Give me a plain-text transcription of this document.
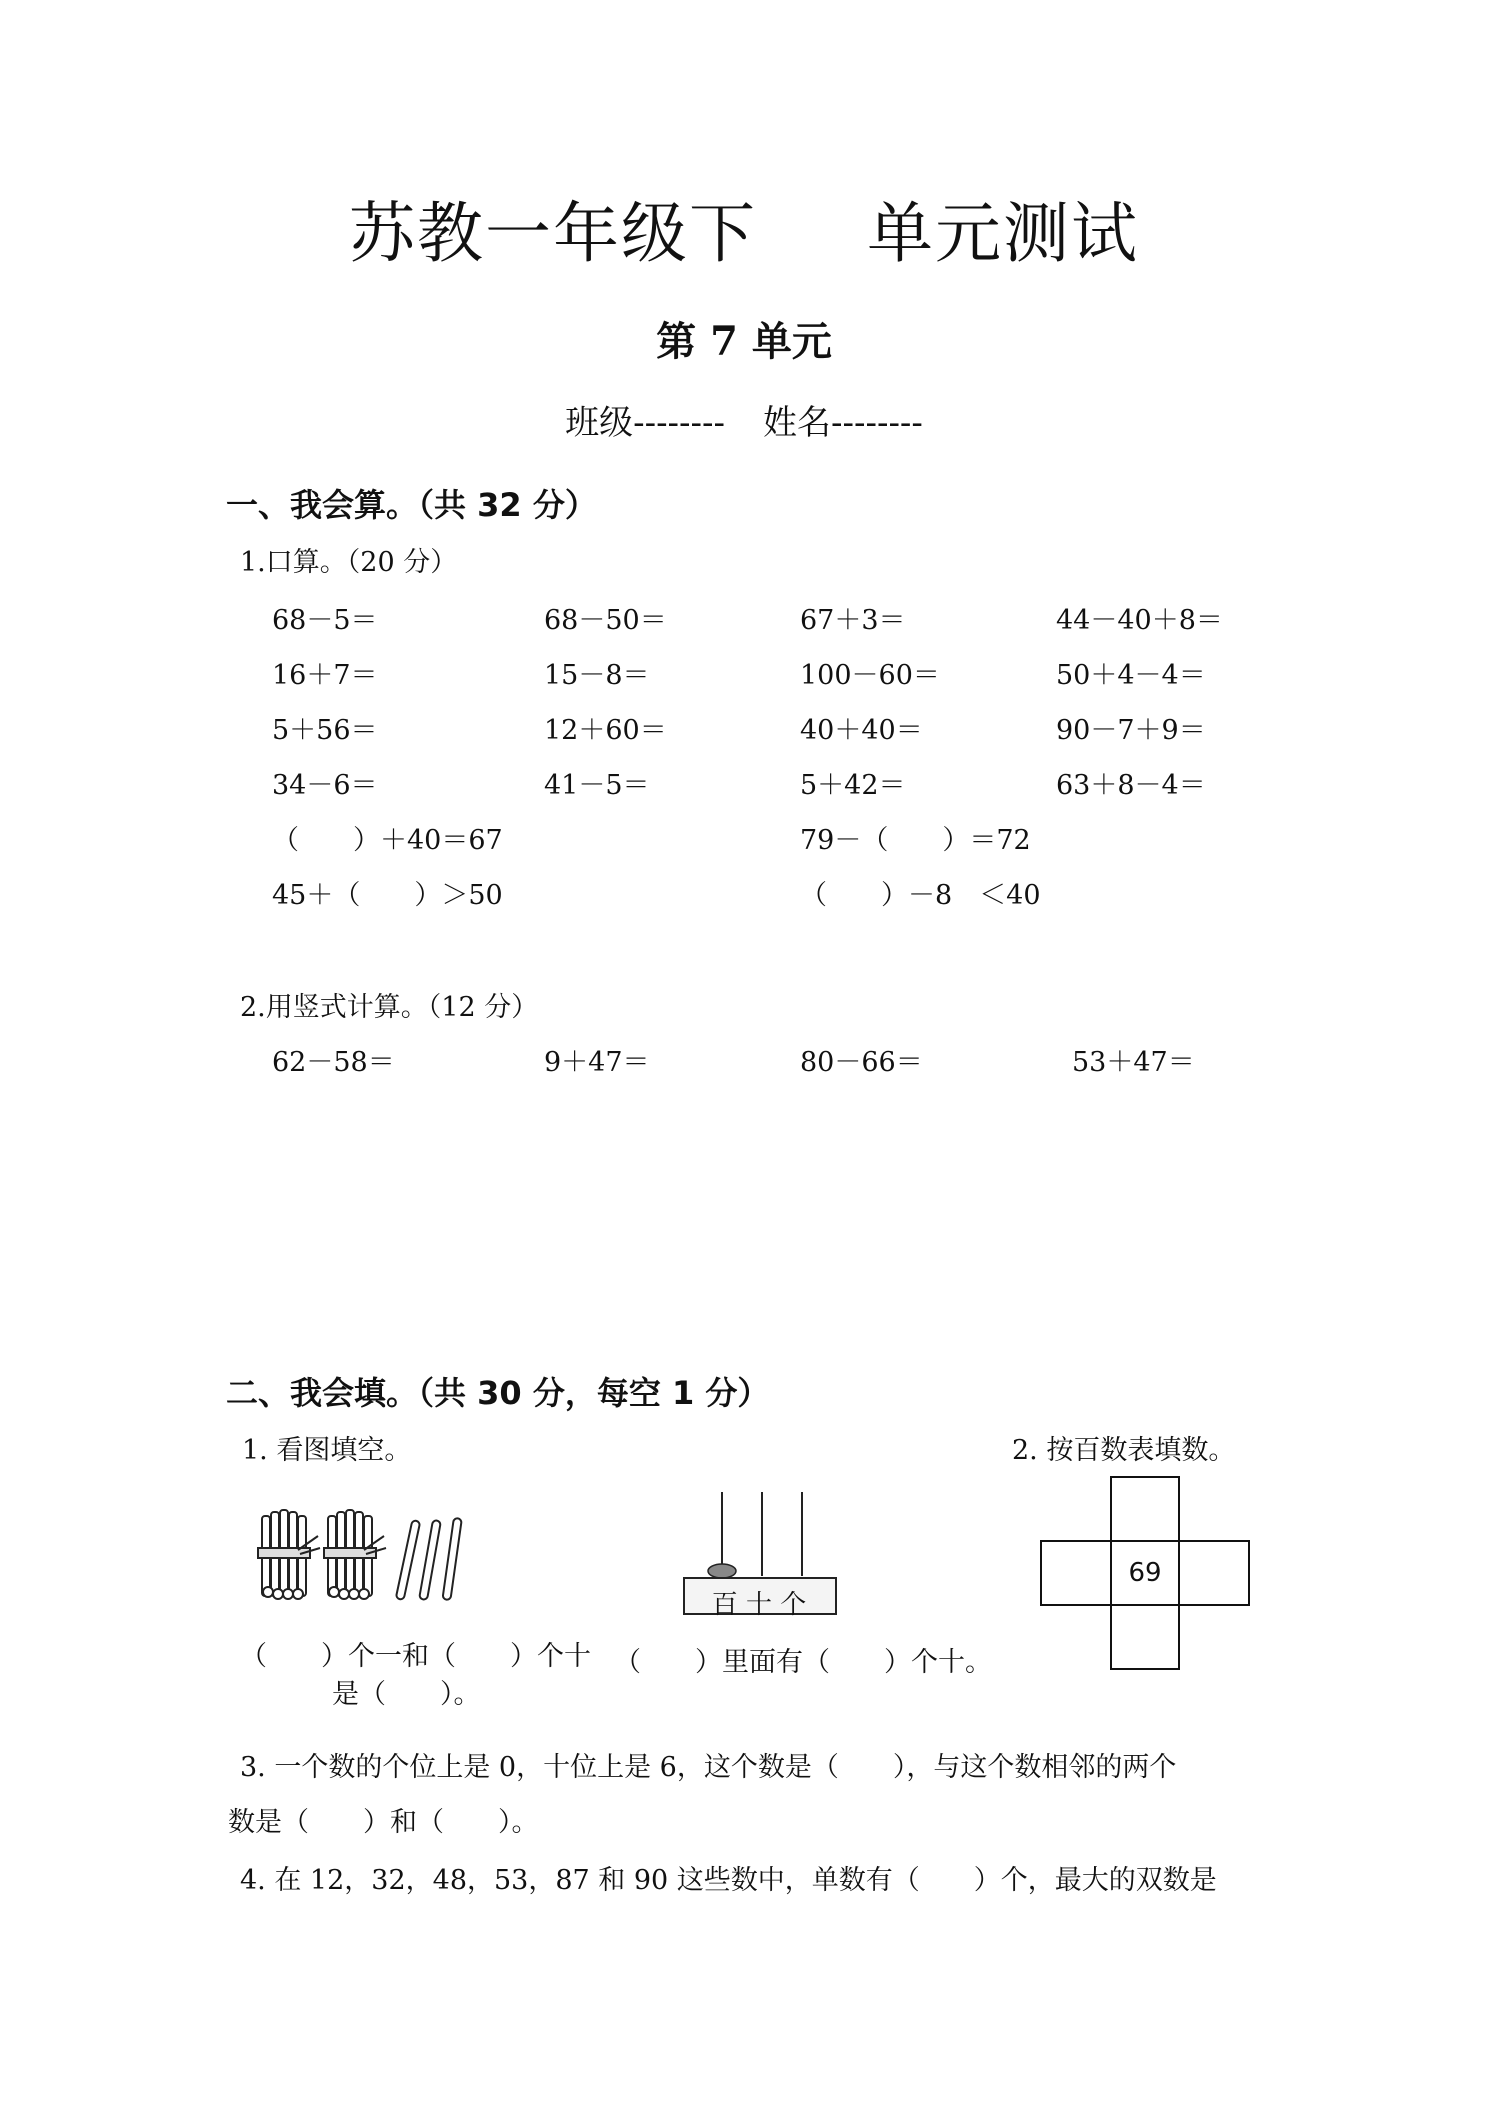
苏教一年级下 单元测试
第 7 单元
班级-------- 姓名--------
一、我会算。（共 32 分）
1.口算。（20 分）
68－5＝	68－50＝	67＋3＝	44－40＋8＝
16＋7＝	15－8＝	100－60＝	50＋4－4＝
5＋56＝	12＋60＝	40＋40＝	90－7＋9＝
34－6＝	41－5＝	5＋42＝	63＋8－4＝
（　　）＋40＝67	79－（　　）＝72
45＋（　　）＞50	（　　）－8　＜40
2.用竖式计算。（12 分）
62－58＝	9＋47＝	80－66＝	53＋47＝
二、我会填。（共 30 分，每空 1 分）
1. 看图填空。	2. 按百数表填数。
百 十 个
69
（　　）个一和（　　）个十
是（　　）。
（　　）里面有（　　）个十。
3. 一个数的个位上是 0，十位上是 6，这个数是（　　），与这个数相邻的两个
数是（　　）和（　　）。
4. 在 12，32，48，53，87 和 90 这些数中，单数有（　　）个，最大的双数是
